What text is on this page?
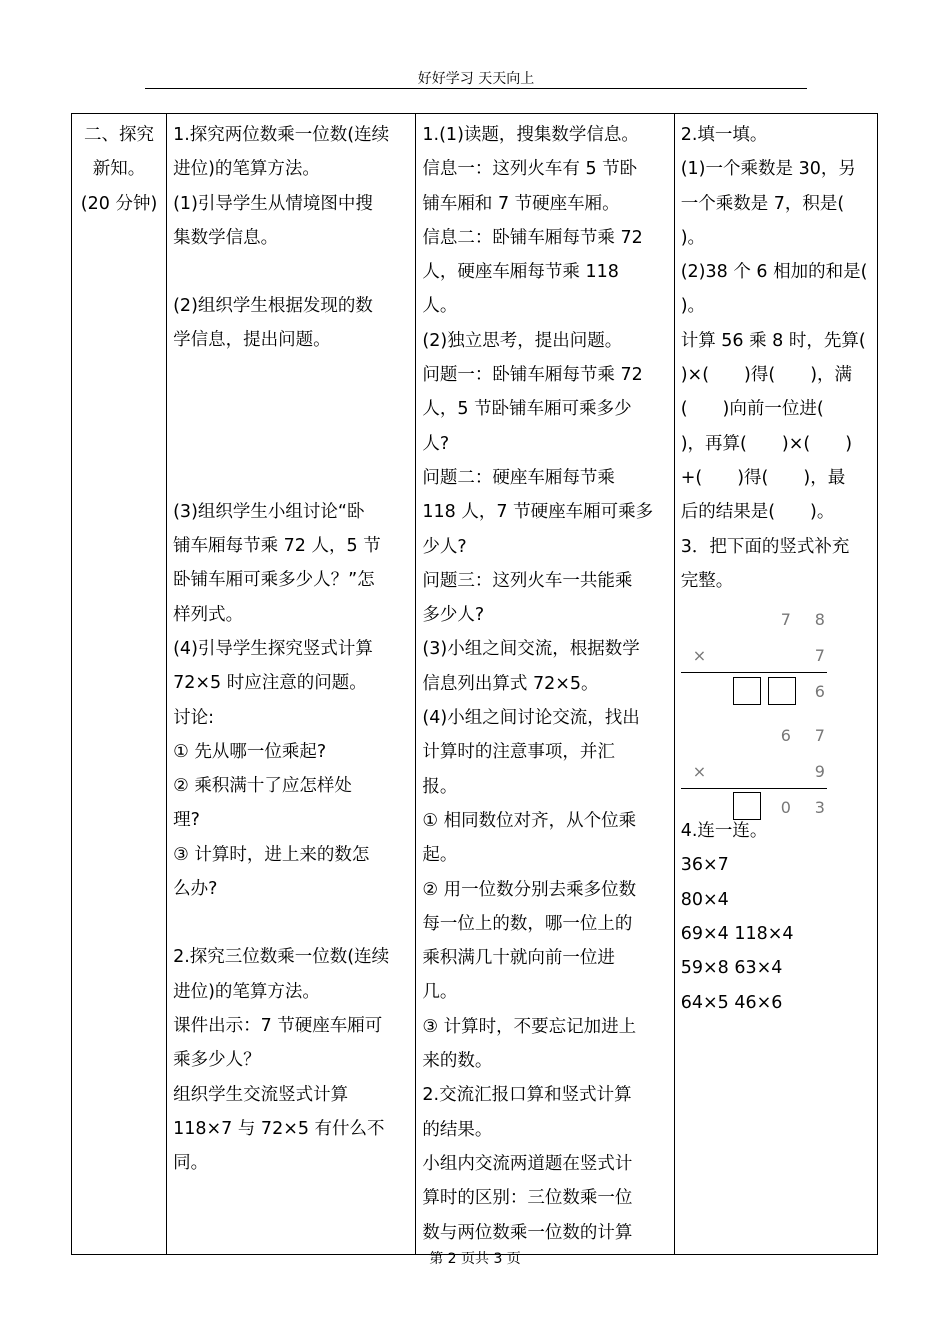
好好学习 天天向上
二、探究
新知。
(20 分钟)

1.探究两位数乘一位数(连续
进位)的笔算方法。
(1)引导学生从情境图中搜
集数学信息。
(2)组织学生根据发现的数
学信息，提出问题。
(3)组织学生小组讨论“卧
铺车厢每节乘 72 人，5 节
卧铺车厢可乘多少人？”怎
样列式。
(4)引导学生探究竖式计算
72×5 时应注意的问题。
讨论:
① 先从哪一位乘起?
② 乘积满十了应怎样处
理?
③ 计算时，进上来的数怎
么办?
2.探究三位数乘一位数(连续
进位)的笔算方法。
课件出示：7 节硬座车厢可
乘多少人？
组织学生交流竖式计算
118×7 与 72×5 有什么不
同。

1.(1)读题，搜集数学信息。
信息一：这列火车有 5 节卧
铺车厢和 7 节硬座车厢。
信息二：卧铺车厢每节乘 72
人，硬座车厢每节乘 118
人。
(2)独立思考，提出问题。
问题一：卧铺车厢每节乘 72
人，5 节卧铺车厢可乘多少
人?
问题二：硬座车厢每节乘
118 人，7 节硬座车厢可乘多
少人?
问题三：这列火车一共能乘
多少人?
(3)小组之间交流，根据数学
信息列出算式 72×5。
(4)小组之间讨论交流，找出
计算时的注意事项，并汇
报。
① 相同数位对齐，从个位乘
起。
② 用一位数分别去乘多位数
每一位上的数，哪一位上的
乘积满几十就向前一位进
几。
③ 计算时，不要忘记加进上
来的数。
2.交流汇报口算和竖式计算
的结果。
小组内交流两道题在竖式计
算时的区别：三位数乘一位
数与两位数乘一位数的计算

2.填一填。
(1)一个乘数是 30，另
一个乘数是 7，积是(
)。
(2)38 个 6 相加的和是(
)。
计算 56 乘 8 时，先算(
)×(　　)得(　　)，满
(　　)向前一位进(
)，再算(　　)×(　　)
+(　　)得(　　)，最
后的结果是(　　)。
3．把下面的竖式补充
完整。
7 8
×	7
6
6 7
×	9
0 3
4.连一连。
36×7
80×4
69×4 118×4
59×8 63×4
64×5 46×6
第 2 页共 3 页
